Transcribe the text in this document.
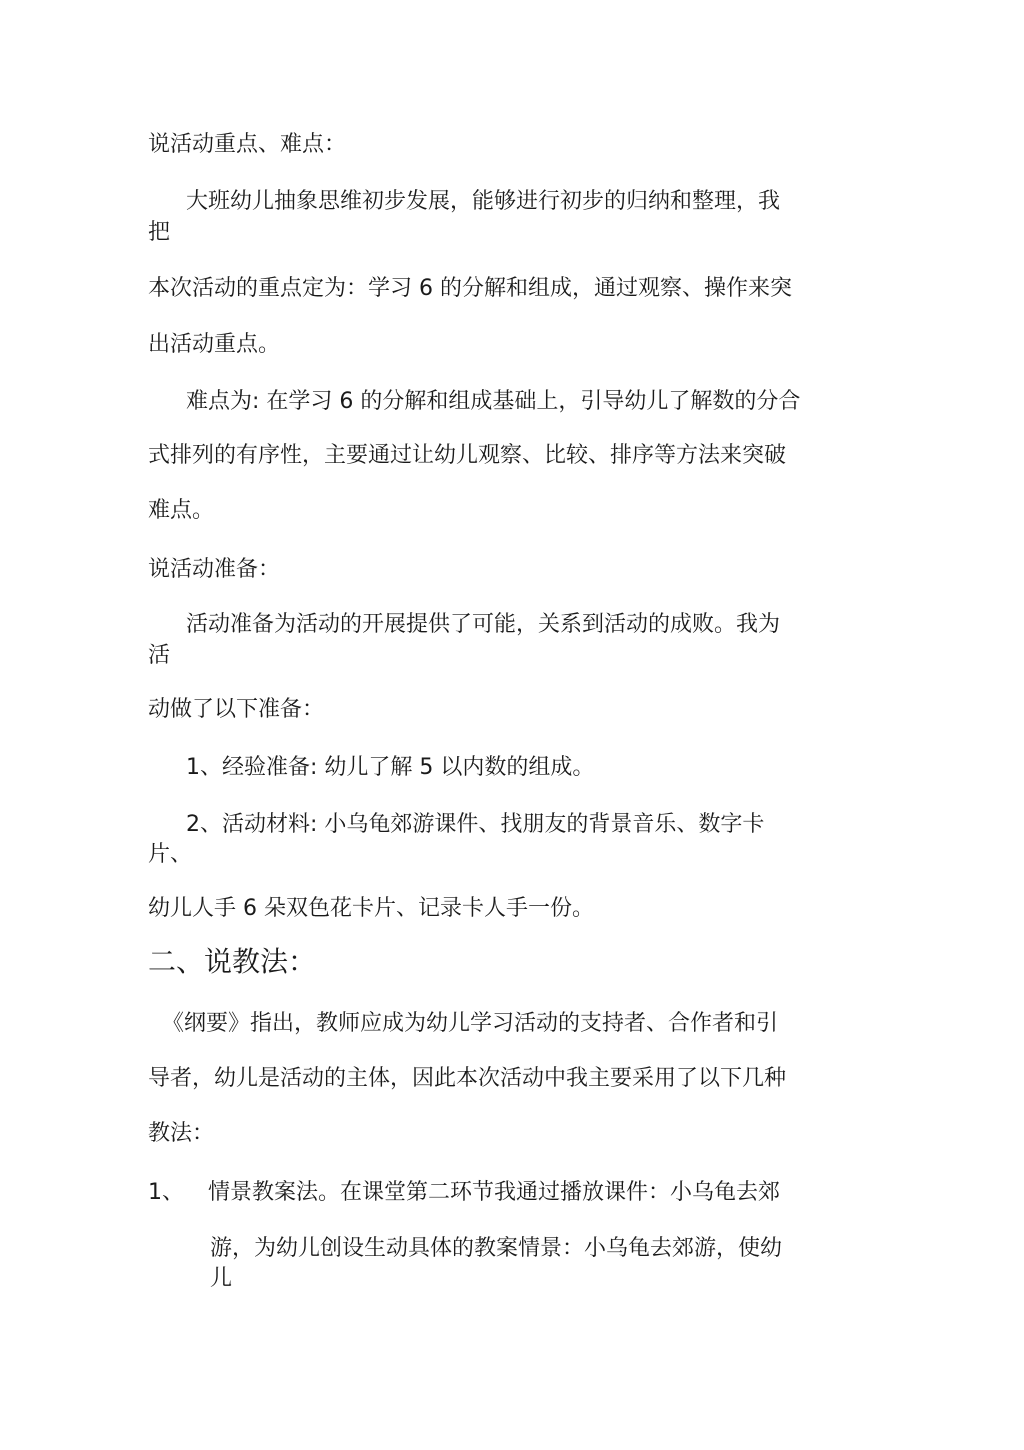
说活动重点、难点：
大班幼儿抽象思维初步发展，能够进行初步的归纳和整理，我
把
本次活动的重点定为：学习 6 的分解和组成，通过观察、操作来突
出活动重点。
难点为: 在学习 6 的分解和组成基础上，引导幼儿了解数的分合
式排列的有序性，主要通过让幼儿观察、比较、排序等方法来突破
难点。
说活动准备：
活动准备为活动的开展提供了可能，关系到活动的成败。我为
活
动做了以下准备：
1、经验准备: 幼儿了解 5 以内数的组成。
2、活动材料: 小乌龟郊游课件、找朋友的背景音乐、数字卡
片、
幼儿人手 6 朵双色花卡片、记录卡人手一份。
二、说教法：
《纲要》指出，教师应成为幼儿学习活动的支持者、合作者和引
导者，幼儿是活动的主体，因此本次活动中我主要采用了以下几种
教法：
1、 情景教案法。在课堂第二环节我通过播放课件：小乌龟去郊
游，为幼儿创设生动具体的教案情景：小乌龟去郊游，使幼
儿
